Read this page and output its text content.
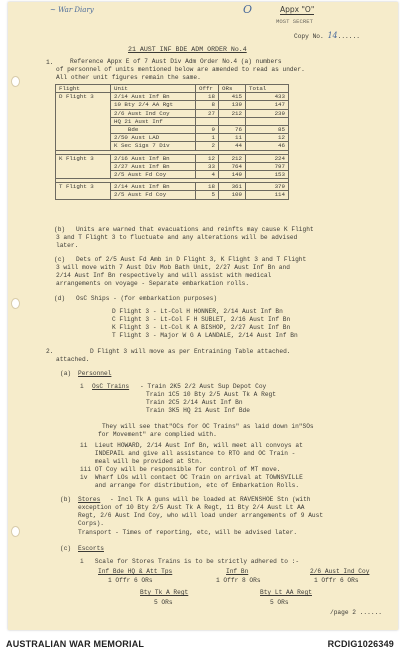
~ War Diary	O	Appx "O"
MOST SECRET
Copy No. 14......
21 AUST INF BDE ADM ORDER No.4
1.	Reference Appx E of 7 Aust Div Adm Order No.4 (a) numbers
of personnel of units mentioned below are amended to read as under.
All other unit figures remain the same.
Flight	Unit	Offr	ORs	Total
D Flight 3	2/14 Aust Inf Bn	18	415	433
	10 Bty 2/4 AA Rgt	8	139	147
	2/6 Aust Ind Coy	27	212	239
	HQ 21 Aust Inf			
	Bde	9	76	85
	2/50 Aust LAD	1	11	12
	K Sec Sigs 7 Div	2	44	46

K Flight 3	2/16 Aust Inf Bn	12	212	224
	2/27 Aust Inf Bn	33	764	797
	2/5 Aust Fd Coy	4	149	153

T Flight 3	2/14 Aust Inf Bn	18	361	379
	2/5 Aust Fd Coy	5	109	114
(b) Units are warned that evacuations and reinfts may cause K Flight
3 and T Flight 3 to fluctuate and any alterations will be advised
later.
(c) Dets of 2/5 Aust Fd Amb in D Flight 3, K Flight 3 and T Flight
3 will move with 7 Aust Div Mob Bath Unit, 2/27 Aust Inf Bn and
2/14 Aust Inf Bn respectively and will assist with medical
arrangements on voyage - Separate embarkation rolls.
(d) OsC Ships - (for embarkation purposes)
D Flight 3 - Lt-Col H HONNER, 2/14 Aust Inf Bn
C Flight 3 - Lt-Col F H SUBLET, 2/16 Aust Inf Bn
K Flight 3 - Lt-Col K A BISHOP, 2/27 Aust Inf Bn
T Flight 3 - Major W G A LANDALE, 2/14 Aust Inf Bn
2.	D Flight 3 will move as per Entraining Table attached.
attached.
(a) Personnel
i OsC Trains - Train 2K5 2/2 Aust Sup Depot Coy
Train 1C5 10 Bty 2/5 Aust Tk A Regt
Train 2C5 2/14 Aust Inf Bn
Train 3K5 HQ 21 Aust Inf Bde
They will see that"OCs for OC Trains" as laid down in"SOs
for Movement" are complied with.
ii  Lieut HOWARD, 2/14 Aust Inf Bn, will meet all convoys at
INDEPAIL and give all assistance to RTO and OC Train -
meal will be provided at Stn.
iii OT Coy will be responsible for control of MT move.
iv  Wharf LOs will contact OC Train on arrival at TOWNSVILLE
and arrange for distribution, etc of Embarkation Rolls.
(b) Stores - Incl Tk A guns will be loaded at RAVENSHOE Stn (with
exception of 10 Bty 2/5 Aust Tk A Regt, 11 Bty 2/4 Aust Lt AA
Regt, 2/6 Aust Ind Coy, who will load under arrangements of 9 Aust
Corps).
Transport - Times of reporting, etc, will be advised later.
(c) Escorts
i   Scale for Stores Trains is to be strictly adhered to :-
Inf Bde HQ & Att Tps	Inf Bn	2/6 Aust Ind Coy
1 Offr 6 ORs	1 Offr 8 ORs	1 Offr 6 ORs
Bty Tk A Regt	Bty Lt AA Regt
5 ORs	5 ORs
/page 2 ......
AUSTRALIAN WAR MEMORIAL	RCDIG1026349
